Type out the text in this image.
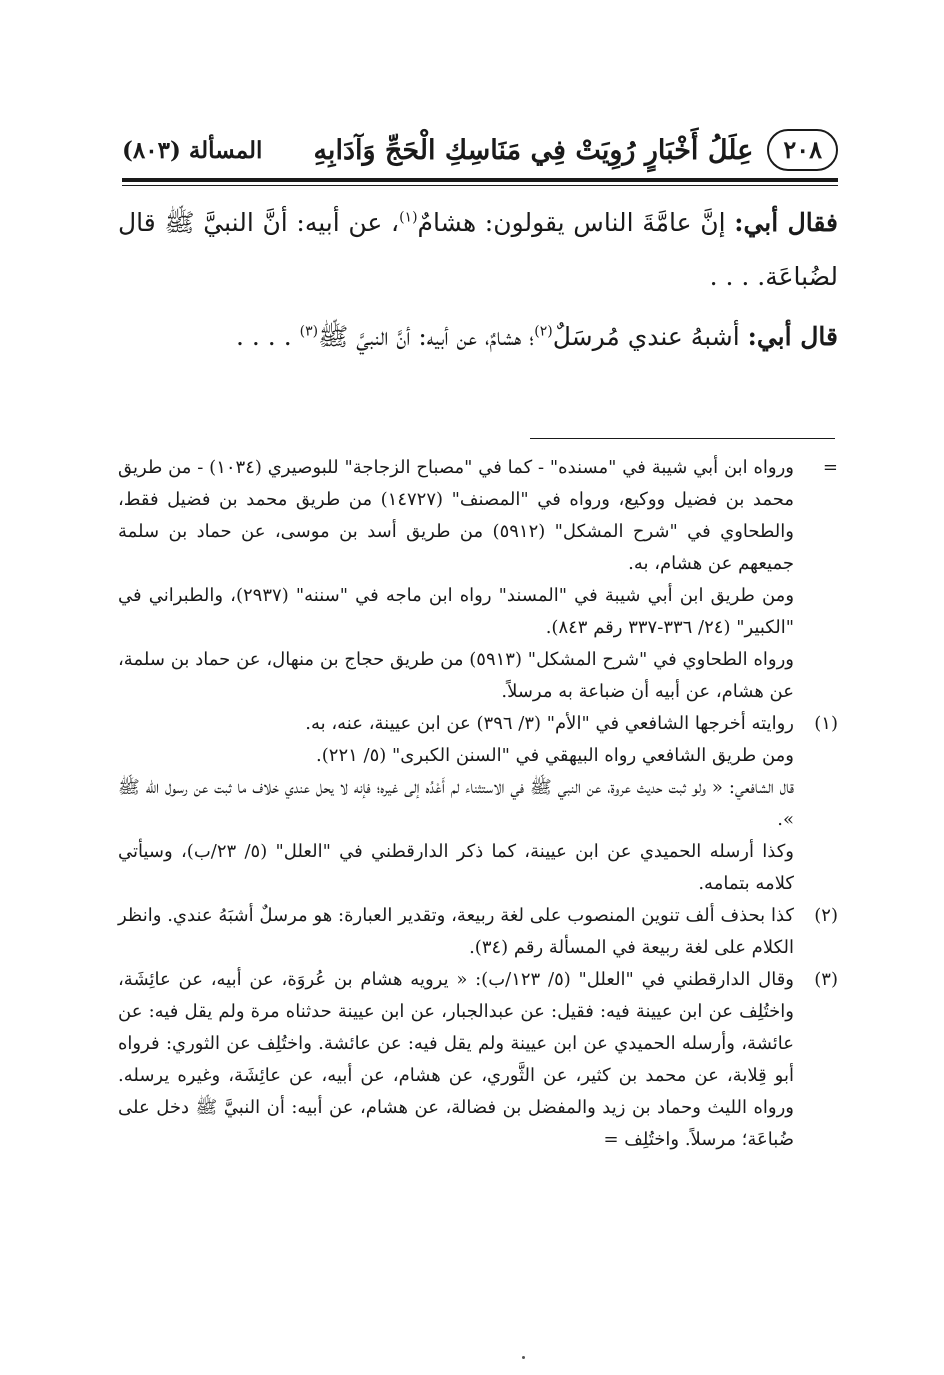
٢٠٨
عِلَلُ أَخْبَارٍ رُوِيَتْ فِي مَنَاسِكِ الْحَجِّ وَآدَابِهِ
المسألة (٨٠٣)

فقال أبي: إنَّ عامَّةَ الناس يقولون: هشامٌ$^{(١)}$، عن أبيه: أنَّ النبيَّ ﷺ قال لضُباعَة. . . .

قال أبي: أشبهُ عندي مُرسَلٌ$^{(٢)}$؛ هشامٌ، عن أبيه: أنَّ النبيَّ ﷺ$^{(٣)}$ . . . .

=

ورواه ابن أبي شيبة في "مسنده" - كما في "مصباح الزجاجة" للبوصيري (١٠٣٤) - من طريق محمد بن فضيل ووكيع، ورواه في "المصنف" (١٤٧٢٧) من طريق محمد بن فضيل فقط، والطحاوي في "شرح المشكل" (٥٩١٢) من طريق أسد بن موسى، عن حماد بن سلمة جميعهم عن هشام، به.

ومن طريق ابن أبي شيبة في "المسند" رواه ابن ماجه في "سننه" (٢٩٣٧)، والطبراني في "الكبير" (٢٤/ ٣٣٦-٣٣٧ رقم ٨٤٣).

ورواه الطحاوي في "شرح المشكل" (٥٩١٣) من طريق حجاج بن منهال، عن حماد بن سلمة، عن هشام، عن أبيه أن ضباعة به مرسلاً.

(١)

روايته أخرجها الشافعي في "الأم" (٣/ ٣٩٦) عن ابن عيينة، عنه، به.

ومن طريق الشافعي رواه البيهقي في "السنن الكبرى" (٥/ ٢٢١).

قال الشافعي: « ولو ثبت حديث عروة، عن النبي ﷺ في الاستثناء لم أَعْدُه إلى غيره؛ فإنه لا يحل عندي خلاف ما ثبت عن رسول الله ﷺ ».

وكذا أرسله الحميدي عن ابن عيينة، كما ذكر الدارقطني في "العلل" (٥/ ٢٣/ب)، وسيأتي كلامه بتمامه.

(٢)

كذا بحذف ألف تنوين المنصوب على لغة ربيعة، وتقدير العبارة: هو مرسلٌ أشبَهُ عندي. وانظر الكلام على لغة ربيعة في المسألة رقم (٣٤).

(٣)

وقال الدارقطني في "العلل" (٥/ ١٢٣/ب): « يرويه هشام بن عُروَة، عن أبيه، عن عائِشَة، واختُلِف عن ابن عيينة فيه: فقيل: عن عبدالجبار، عن ابن عيينة حدثناه مرة ولم يقل فيه: عن عائشة، وأرسله الحميدي عن ابن عيينة ولم يقل فيه: عن عائشة. واختُلِف عن الثوري: فرواه أبو قِلابة، عن محمد بن كثير، عن الثَّوري، عن هشام، عن أبيه، عن عائِشَة، وغيره يرسله. ورواه الليث وحماد بن زيد والمفضل بن فضالة، عن هشام، عن أبيه: أن النبيَّ ﷺ دخل على ضُباعَة؛ مرسلاً. واختُلِف =
